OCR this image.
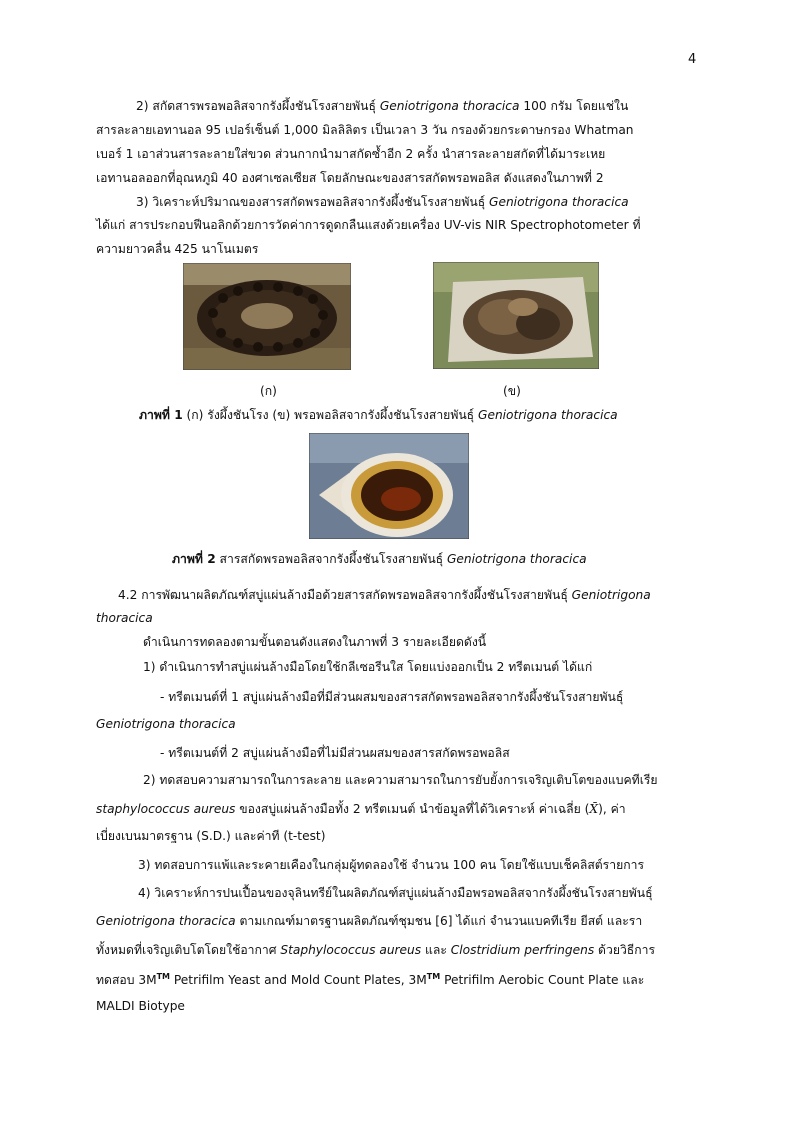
4
2) สกัดสารพรอพอลิสจากรังผึ้งชันโรงสายพันธุ์ Geniotrigona thoracica 100 กรัม โดยแช่ใน
สารละลายเอทานอล 95 เปอร์เซ็นต์ 1,000 มิลลิลิตร เป็นเวลา 3 วัน กรองด้วยกระดาษกรอง Whatman
เบอร์ 1 เอาส่วนสารละลายใส่ขวด ส่วนกากนำมาสกัดซ้ำอีก 2 ครั้ง นำสารละลายสกัดที่ได้มาระเหย
เอทานอลออกที่อุณหภูมิ 40 องศาเซลเซียส โดยลักษณะของสารสกัดพรอพอลิส ดังแสดงในภาพที่ 2
3) วิเคราะห์ปริมาณของสารสกัดพรอพอลิสจากรังผึ้งชันโรงสายพันธุ์ Geniotrigona thoracica
ได้แก่ สารประกอบฟีนอลิกด้วยการวัดค่าการดูดกลืนแสงด้วยเครื่อง UV-vis NIR Spectrophotometer ที่
ความยาวคลื่น 425 นาโนเมตร
(ก)	(ข)
ภาพที่ 1 (ก) รังผึ้งชันโรง (ข) พรอพอลิสจากรังผึ้งชันโรงสายพันธุ์ Geniotrigona thoracica
ภาพที่ 2 สารสกัดพรอพอลิสจากรังผึ้งชันโรงสายพันธุ์ Geniotrigona thoracica
4.2 การพัฒนาผลิตภัณฑ์สบู่แผ่นล้างมือด้วยสารสกัดพรอพอลิสจากรังผึ้งชันโรงสายพันธุ์ Geniotrigona
thoracica
ดำเนินการทดลองตามขั้นตอนดังแสดงในภาพที่ 3 รายละเอียดดังนี้
1) ดำเนินการทำสบู่แผ่นล้างมือโดยใช้กลีเซอรีนใส โดยแบ่งออกเป็น 2 ทรีตเมนต์ ได้แก่
- ทรีตเมนต์ที่ 1 สบู่แผ่นล้างมือที่มีส่วนผสมของสารสกัดพรอพอลิสจากรังผึ้งชันโรงสายพันธุ์
Geniotrigona thoracica
- ทรีตเมนต์ที่ 2 สบู่แผ่นล้างมือที่ไม่มีส่วนผสมของสารสกัดพรอพอลิส
2) ทดสอบความสามารถในการละลาย และความสามารถในการยับยั้งการเจริญเติบโตของแบคทีเรีย
staphylococcus aureus ของสบู่แผ่นล้างมือทั้ง 2 ทรีตเมนต์ นำข้อมูลที่ได้วิเคราะห์ ค่าเฉลี่ย (X̄), ค่า
เบี่ยงเบนมาตรฐาน (S.D.) และค่าที (t-test)
3) ทดสอบการแพ้และระคายเคืองในกลุ่มผู้ทดลองใช้ จำนวน 100 คน โดยใช้แบบเช็คลิสต์รายการ
4) วิเคราะห์การปนเปื้อนของจุลินทรีย์ในผลิตภัณฑ์สบู่แผ่นล้างมือพรอพอลิสจากรังผึ้งชันโรงสายพันธุ์
Geniotrigona thoracica ตามเกณฑ์มาตรฐานผลิตภัณฑ์ชุมชน [6] ได้แก่ จำนวนแบคทีเรีย ยีสต์ และรา
ทั้งหมดที่เจริญเติบโตโดยใช้อากาศ Staphylococcus aureus และ Clostridium perfringens ด้วยวิธีการ
ทดสอบ 3M™ Petrifilm Yeast and Mold Count Plates, 3M™ Petrifilm Aerobic Count Plate และ
MALDI Biotype
